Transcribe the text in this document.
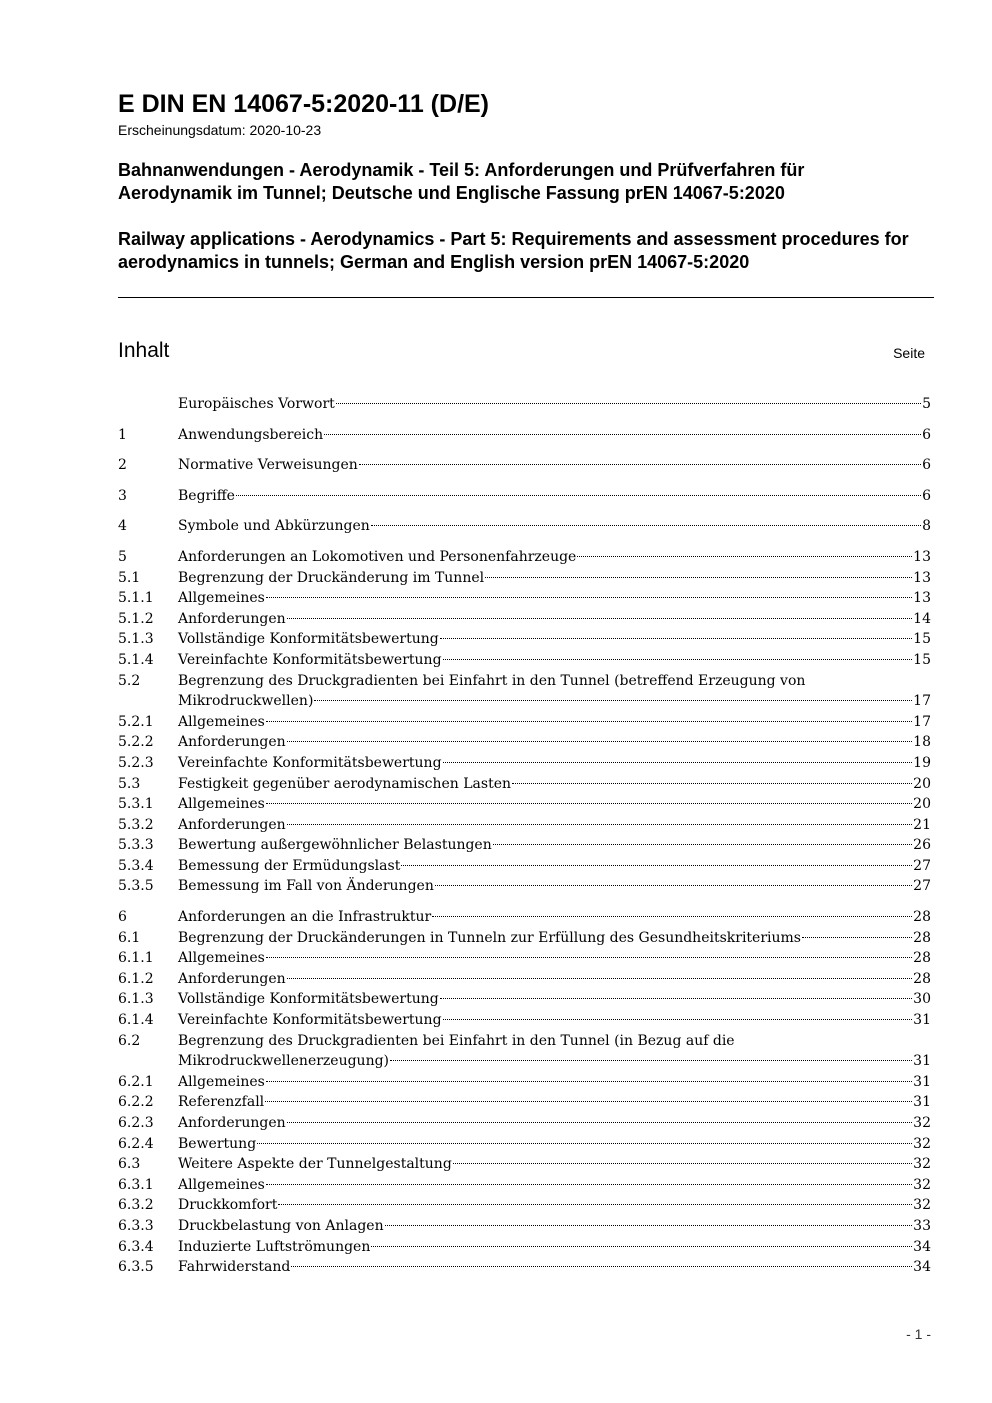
E DIN EN 14067-5:2020-11 (D/E)
Erscheinungsdatum: 2020-10-23

Bahnanwendungen - Aerodynamik - Teil 5: Anforderungen und Prüfverfahren für Aerodynamik im Tunnel; Deutsche und Englische Fassung prEN 14067-5:2020

Railway applications - Aerodynamics - Part 5: Requirements and assessment procedures for aerodynamics in tunnels; German and English version prEN 14067-5:2020

Inhalt	Seite
Europäisches Vorwort	5
1	Anwendungsbereich	6
2	Normative Verweisungen	6
3	Begriffe	6
4	Symbole und Abkürzungen	8
5	Anforderungen an Lokomotiven und Personenfahrzeuge	13
5.1	Begrenzung der Druckänderung im Tunnel	13
5.1.1	Allgemeines	13
5.1.2	Anforderungen	14
5.1.3	Vollständige Konformitätsbewertung	15
5.1.4	Vereinfachte Konformitätsbewertung	15
5.2	Begrenzung des Druckgradienten bei Einfahrt in den Tunnel (betreffend Erzeugung von
Mikrodruckwellen)	17
5.2.1	Allgemeines	17
5.2.2	Anforderungen	18
5.2.3	Vereinfachte Konformitätsbewertung	19
5.3	Festigkeit gegenüber aerodynamischen Lasten	20
5.3.1	Allgemeines	20
5.3.2	Anforderungen	21
5.3.3	Bewertung außergewöhnlicher Belastungen	26
5.3.4	Bemessung der Ermüdungslast	27
5.3.5	Bemessung im Fall von Änderungen	27
6	Anforderungen an die Infrastruktur	28
6.1	Begrenzung der Druckänderungen in Tunneln zur Erfüllung des Gesundheitskriteriums	28
6.1.1	Allgemeines	28
6.1.2	Anforderungen	28
6.1.3	Vollständige Konformitätsbewertung	30
6.1.4	Vereinfachte Konformitätsbewertung	31
6.2	Begrenzung des Druckgradienten bei Einfahrt in den Tunnel (in Bezug auf die
Mikrodruckwellenerzeugung)	31
6.2.1	Allgemeines	31
6.2.2	Referenzfall	31
6.2.3	Anforderungen	32
6.2.4	Bewertung	32
6.3	Weitere Aspekte der Tunnelgestaltung	32
6.3.1	Allgemeines	32
6.3.2	Druckkomfort	32
6.3.3	Druckbelastung von Anlagen	33
6.3.4	Induzierte Luftströmungen	34
6.3.5	Fahrwiderstand	34
- 1 -
